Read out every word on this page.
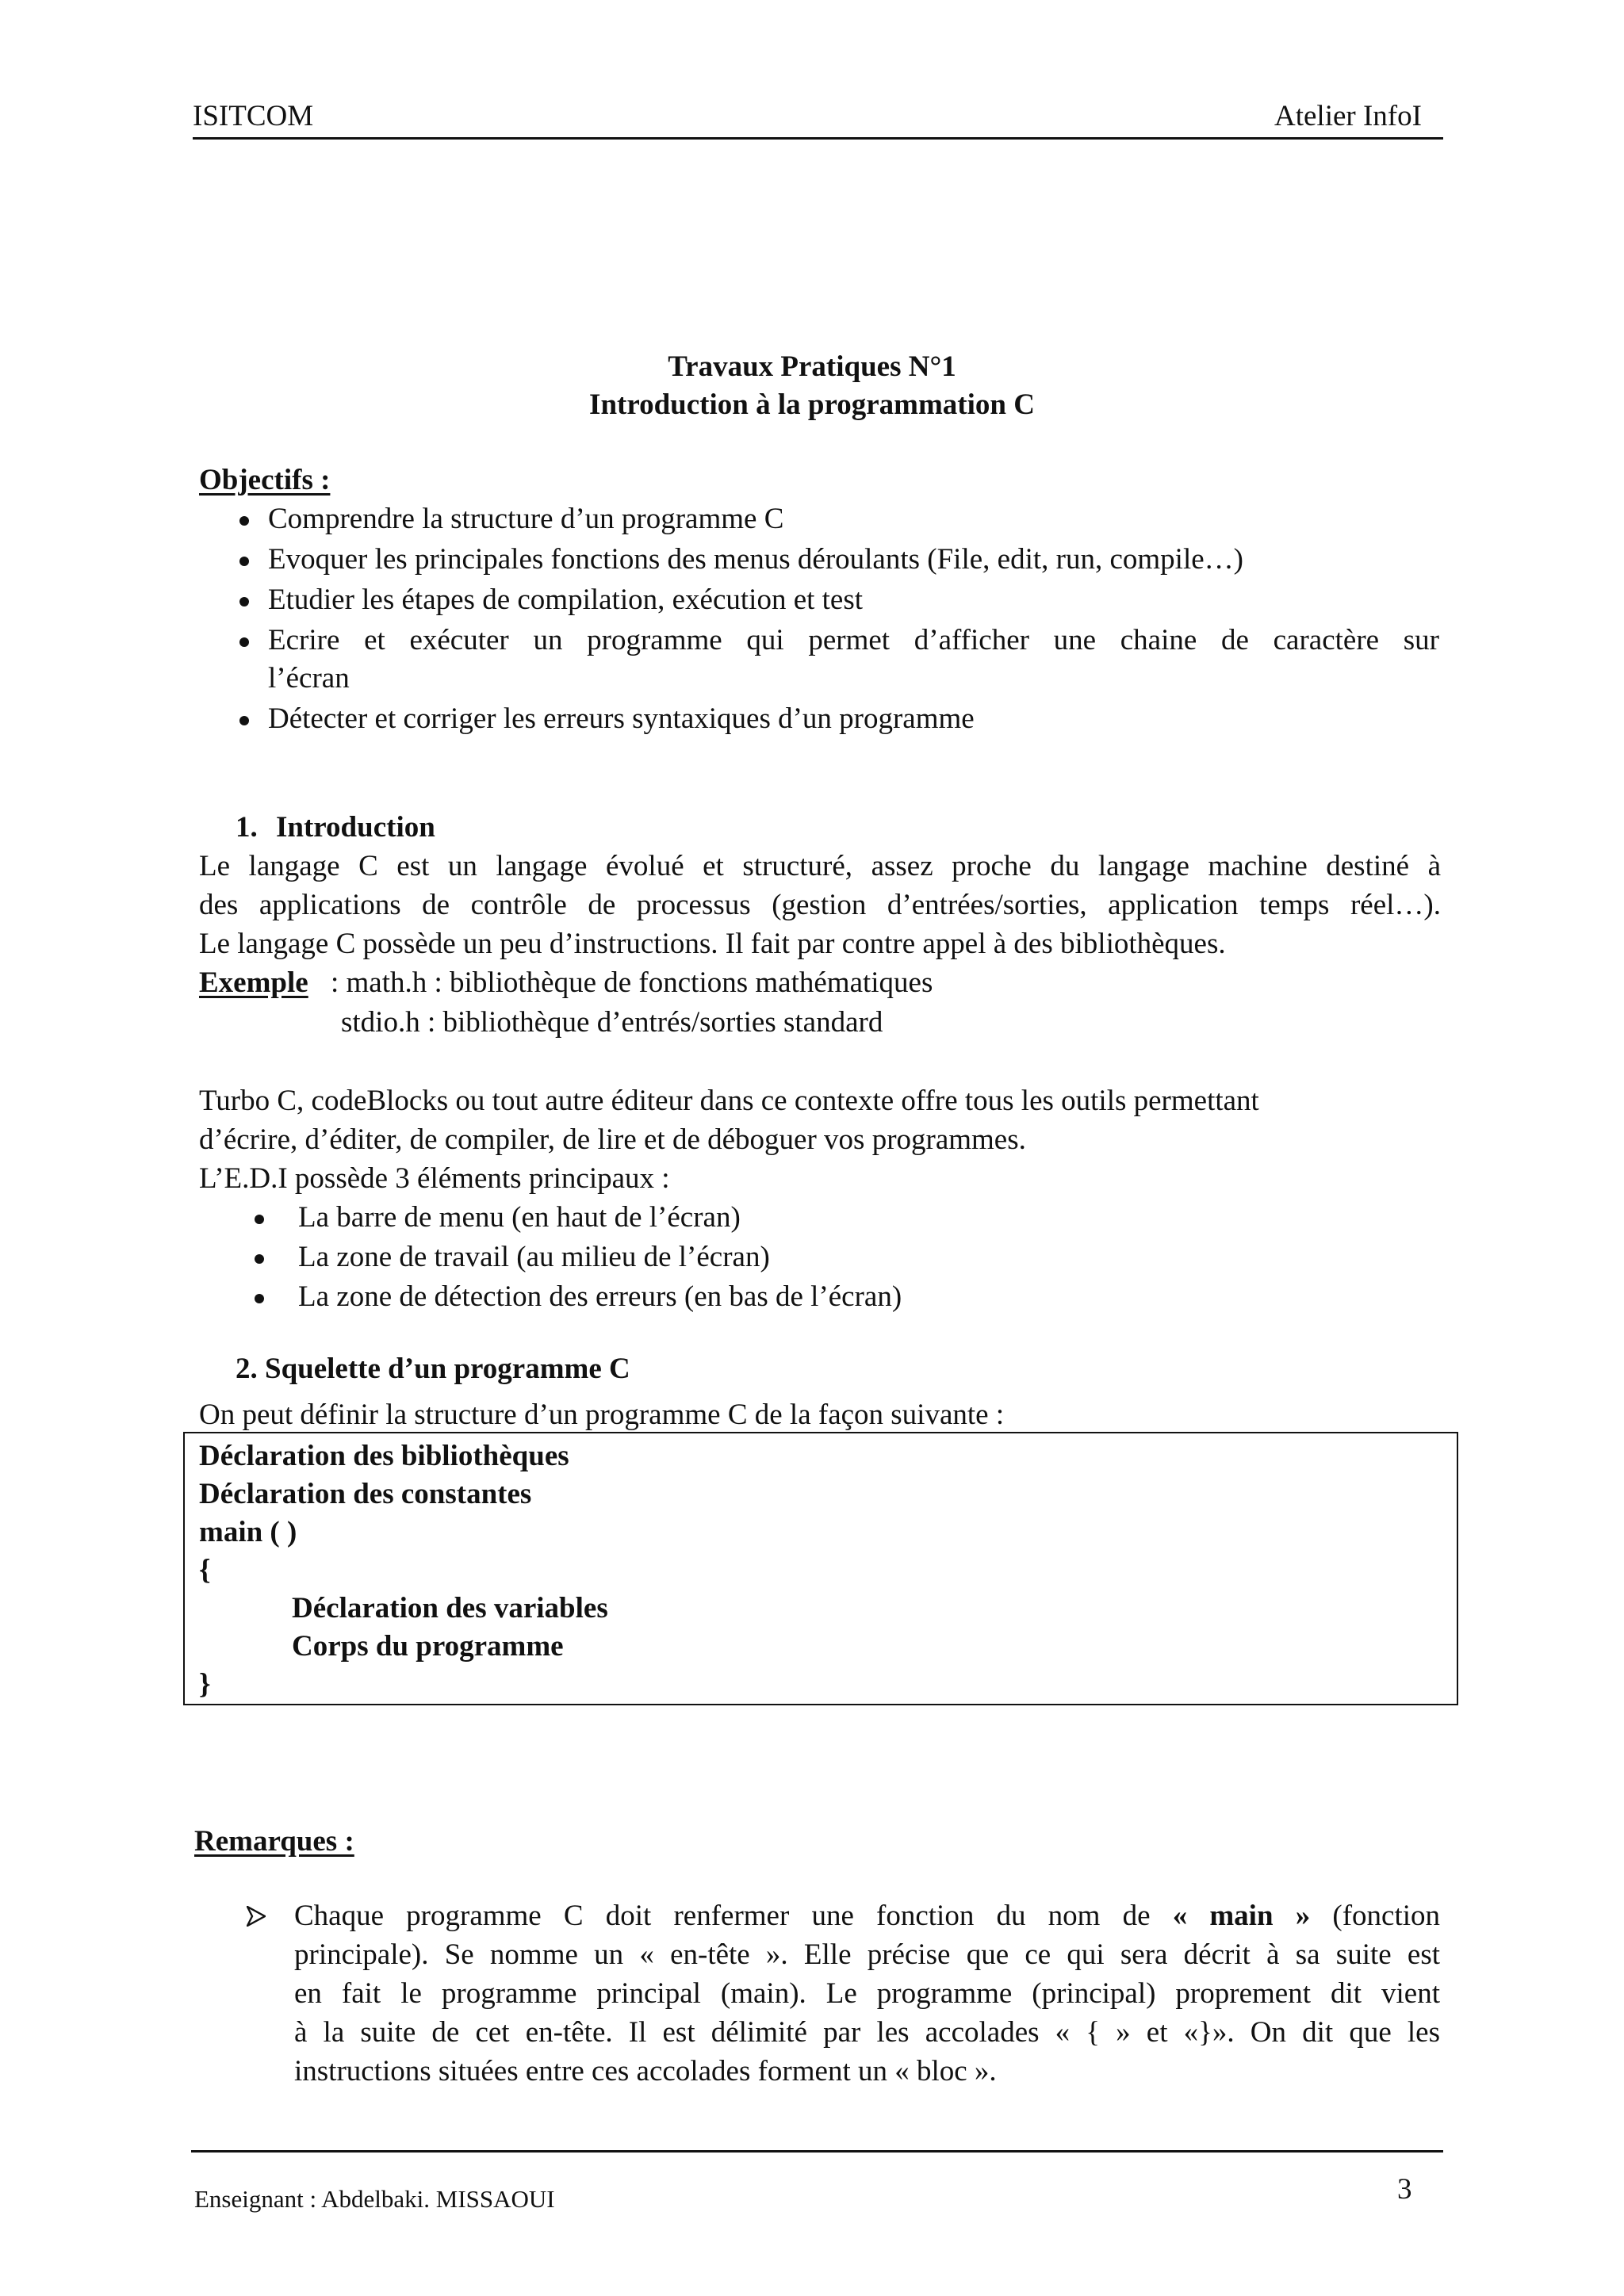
ISITCOM	Atelier InfoI
Travaux Pratiques N°1
Introduction à la programmation C
Objectifs :
Comprendre la structure d’un programme C
Evoquer les principales fonctions des menus déroulants (File, edit, run, compile…)
Etudier les étapes de compilation, exécution et test
Ecrire et exécuter un programme qui permet d’afficher une chaine de caractère sur
l’écran
Détecter et corriger les erreurs syntaxiques d’un programme
1. Introduction
Le langage C est un langage évolué et structuré, assez proche du langage machine destiné à
des applications de contrôle de processus (gestion d’entrées/sorties, application temps réel…).
Le langage C possède un peu d’instructions. Il fait par contre appel à des bibliothèques.
Exemple : math.h : bibliothèque de fonctions mathématiques
stdio.h : bibliothèque d’entrés/sorties standard
Turbo C, codeBlocks ou tout autre éditeur dans ce contexte offre tous les outils permettant
d’écrire, d’éditer, de compiler, de lire et de déboguer vos programmes.
L’E.D.I possède 3 éléments principaux :
La barre de menu (en haut de l’écran)
La zone de travail (au milieu de l’écran)
La zone de détection des erreurs (en bas de l’écran)
2. Squelette d’un programme C
On peut définir la structure d’un programme C de la façon suivante :
Déclaration des bibliothèques
Déclaration des constantes
main ( )
{
Déclaration des variables
Corps du programme
}
Remarques :
Chaque programme C doit renfermer une fonction du nom de « main » (fonction
principale). Se nomme un « en-tête ». Elle précise que ce qui sera décrit à sa suite est
en fait le programme principal (main). Le programme (principal) proprement dit vient
à la suite de cet en-tête. Il est délimité par les accolades « { » et «}». On dit que les
instructions situées entre ces accolades forment un « bloc ».
Enseignant : Abdelbaki. MISSAOUI	3
